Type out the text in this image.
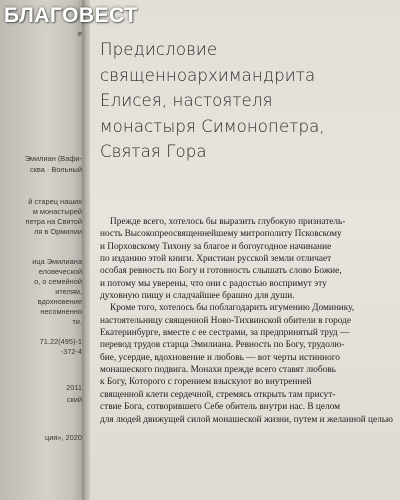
е
Эмилиан (Вафи-
сква · Вольный
й старец наших
м монастырей
петра на Святой
ля в Ормилии
ица Эмилиана
еловеческой
о, о семейной
ителям,
вдохновение
несомненно
ти.
71.22(495)-1
-372-4
2011
ский
ция», 2020
БЛАГОВЕСТ
Предисловие
священноархимандрита
Елисея, настоятеля
монастыря Симонопетра,
Святая Гора
Прежде всего, хотелось бы выразить глубокую признатель-
ность Высокопреосвященнейшему митрополиту Псковскому
и Порховскому Тихону за благое и богоугодное начинание
по изданию этой книги. Христиан русской земли отличает
особая ревность по Богу и готовность слышать слово Божие,
и потому мы уверены, что они с радостью воспримут эту
духовную пищу и сладчайшее брашно для души.
Кроме того, хотелось бы поблагодарить игумению Доминику,
настоятельницу священной Ново-Тихвинской обители в городе
Екатеринбурге, вместе с ее сестрами, за предпринятый труд —
перевод трудов старца Эмилиана. Ревность по Богу, трудолю-
бие, усердие, вдохновение и любовь — вот черты истинного
монашеского подвига. Монахи прежде всего ставят любовь
к Богу, Которого с горением взыскуют во внутренней
священной клети сердечной, стремясь открыть там присут-
ствие Бога, сотворившего Себе обитель внутри нас. В целом
для людей движущей силой монашеской жизни, путем и желанной целью
